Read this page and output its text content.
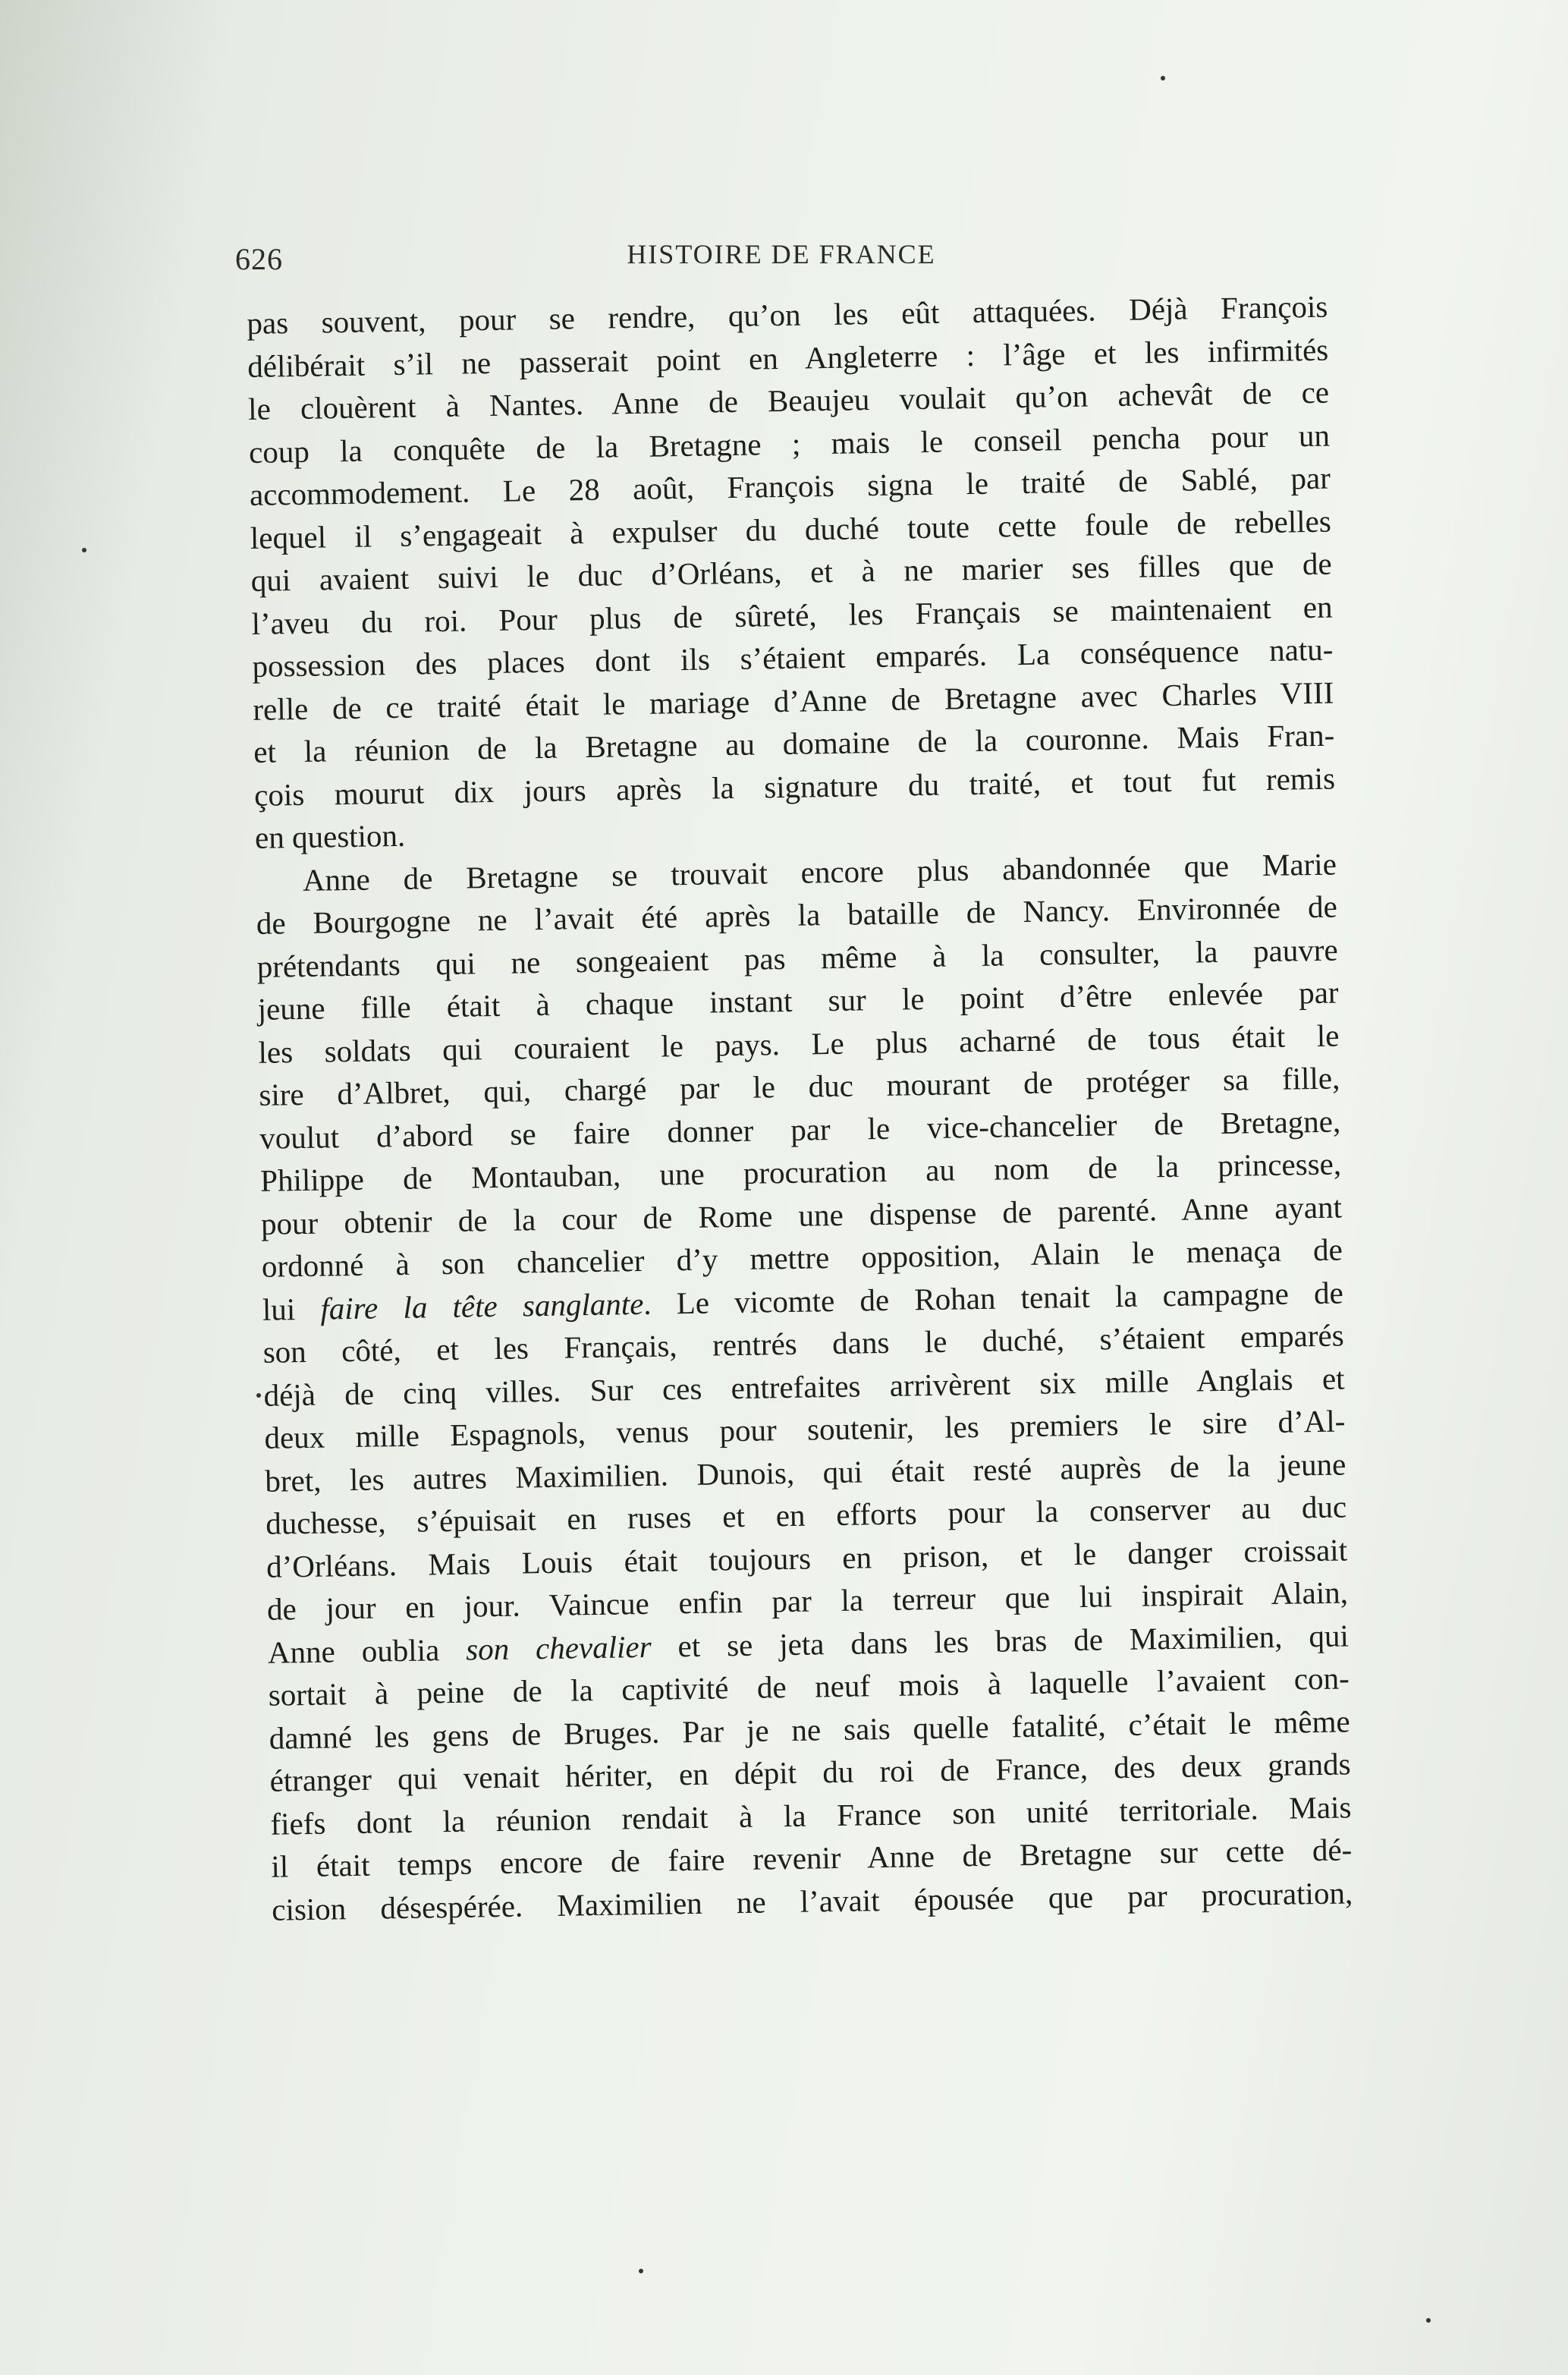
626	HISTOIRE DE FRANCE
pas souvent, pour se rendre, qu’on les eût attaquées. Déjà François
délibérait s’il ne passerait point en Angleterre : l’âge et les infirmités
le clouèrent à Nantes. Anne de Beaujeu voulait qu’on achevât de ce
coup la conquête de la Bretagne ; mais le conseil pencha pour un
accommodement. Le 28 août, François signa le traité de Sablé, par
lequel il s’engageait à expulser du duché toute cette foule de rebelles
qui avaient suivi le duc d’Orléans, et à ne marier ses filles que de
l’aveu du roi. Pour plus de sûreté, les Français se maintenaient en
possession des places dont ils s’étaient emparés. La conséquence natu-
relle de ce traité était le mariage d’Anne de Bretagne avec Charles VIII
et la réunion de la Bretagne au domaine de la couronne. Mais Fran-
çois mourut dix jours après la signature du traité, et tout fut remis
en question.
Anne de Bretagne se trouvait encore plus abandonnée que Marie
de Bourgogne ne l’avait été après la bataille de Nancy. Environnée de
prétendants qui ne songeaient pas même à la consulter, la pauvre
jeune fille était à chaque instant sur le point d’être enlevée par
les soldats qui couraient le pays. Le plus acharné de tous était le
sire d’Albret, qui, chargé par le duc mourant de protéger sa fille,
voulut d’abord se faire donner par le vice-chancelier de Bretagne,
Philippe de Montauban, une procuration au nom de la princesse,
pour obtenir de la cour de Rome une dispense de parenté. Anne ayant
ordonné à son chancelier d’y mettre opposition, Alain le menaça de
lui faire la tête sanglante. Le vicomte de Rohan tenait la campagne de
son côté, et les Français, rentrés dans le duché, s’étaient emparés
déjà de cinq villes. Sur ces entrefaites arrivèrent six mille Anglais et
deux mille Espagnols, venus pour soutenir, les premiers le sire d’Al-
bret, les autres Maximilien. Dunois, qui était resté auprès de la jeune
duchesse, s’épuisait en ruses et en efforts pour la conserver au duc
d’Orléans. Mais Louis était toujours en prison, et le danger croissait
de jour en jour. Vaincue enfin par la terreur que lui inspirait Alain,
Anne oublia son chevalier et se jeta dans les bras de Maximilien, qui
sortait à peine de la captivité de neuf mois à laquelle l’avaient con-
damné les gens de Bruges. Par je ne sais quelle fatalité, c’était le même
étranger qui venait hériter, en dépit du roi de France, des deux grands
fiefs dont la réunion rendait à la France son unité territoriale. Mais
il était temps encore de faire revenir Anne de Bretagne sur cette dé-
cision désespérée. Maximilien ne l’avait épousée que par procuration,
